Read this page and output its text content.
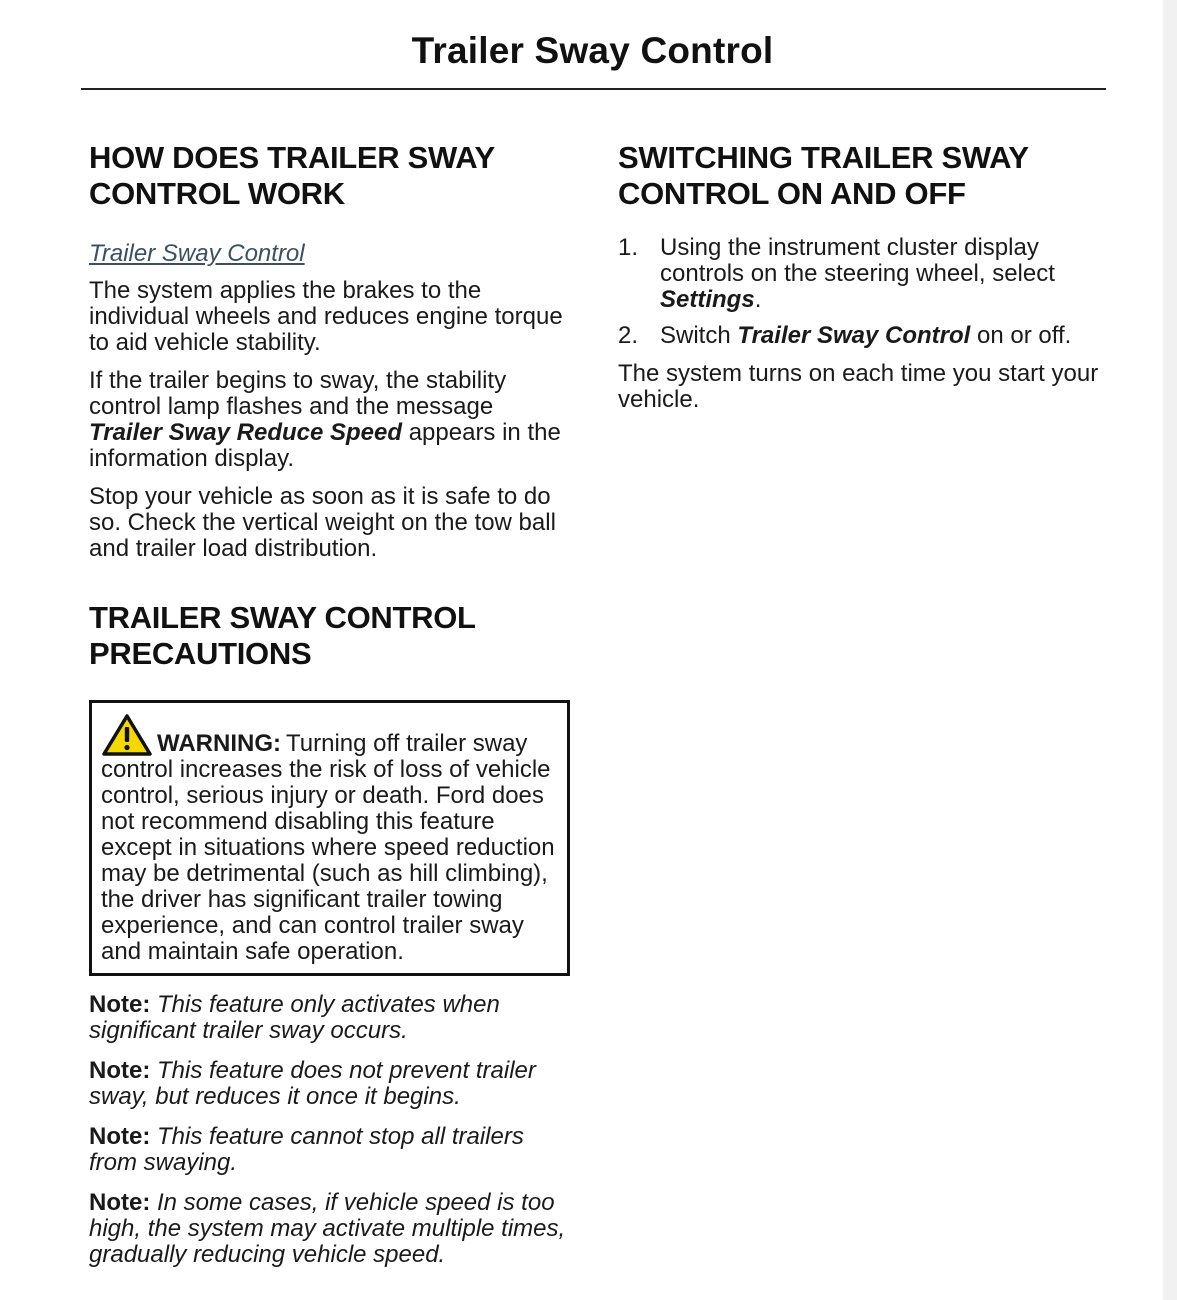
Trailer Sway Control
HOW DOES TRAILER SWAY CONTROL WORK
Trailer Sway Control

The system applies the brakes to the individual wheels and reduces engine torque to aid vehicle stability.

If the trailer begins to sway, the stability control lamp flashes and the message Trailer Sway Reduce Speed appears in the information display.

Stop your vehicle as soon as it is safe to do so. Check the vertical weight on the tow ball and trailer load distribution.

TRAILER SWAY CONTROL PRECAUTIONS
WARNING: Turning off trailer sway control increases the risk of loss of vehicle control, serious injury or death. Ford does not recommend disabling this feature except in situations where speed reduction may be detrimental (such as hill climbing), the driver has significant trailer towing experience, and can control trailer sway and maintain safe operation.

Note: This feature only activates when significant trailer sway occurs.

Note: This feature does not prevent trailer sway, but reduces it once it begins.

Note: This feature cannot stop all trailers from swaying.

Note: In some cases, if vehicle speed is too high, the system may activate multiple times, gradually reducing vehicle speed.

SWITCHING TRAILER SWAY CONTROL ON AND OFF
1. Using the instrument cluster display controls on the steering wheel, select Settings.
2. Switch Trailer Sway Control on or off.

The system turns on each time you start your vehicle.
